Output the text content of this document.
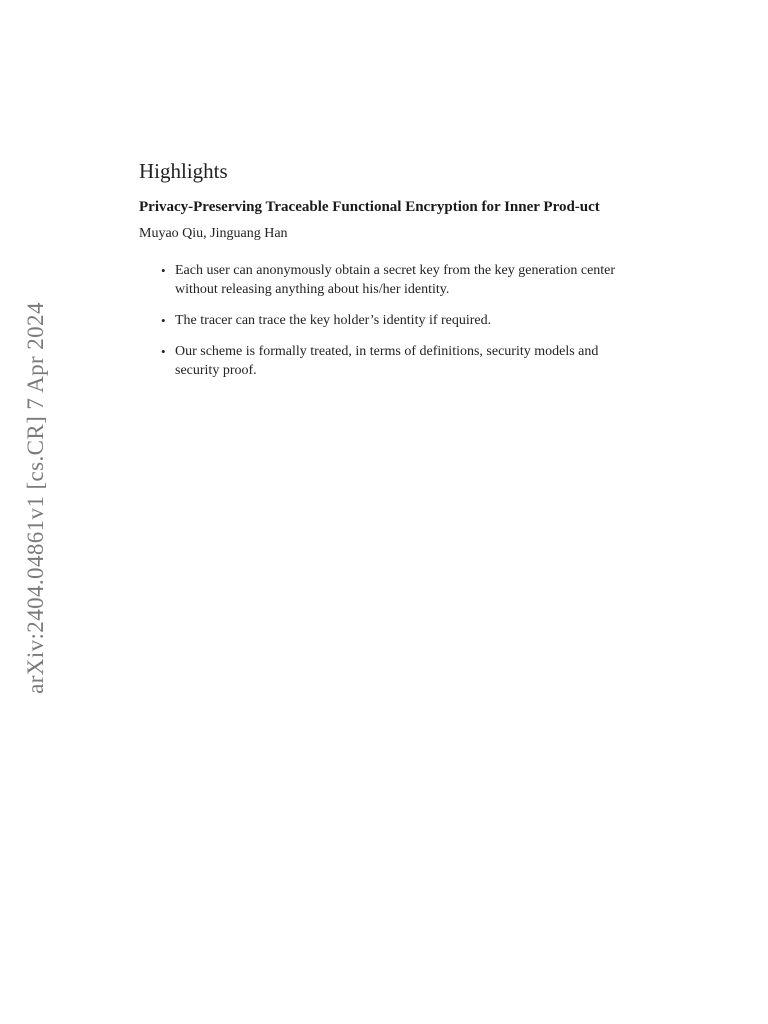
arXiv:2404.04861v1 [cs.CR] 7 Apr 2024
Highlights
Privacy-Preserving Traceable Functional Encryption for Inner Prod-uct
Muyao Qiu, Jinguang Han
• Each user can anonymously obtain a secret key from the key generation center without releasing anything about his/her identity.
• The tracer can trace the key holder’s identity if required.
• Our scheme is formally treated, in terms of definitions, security models and security proof.
